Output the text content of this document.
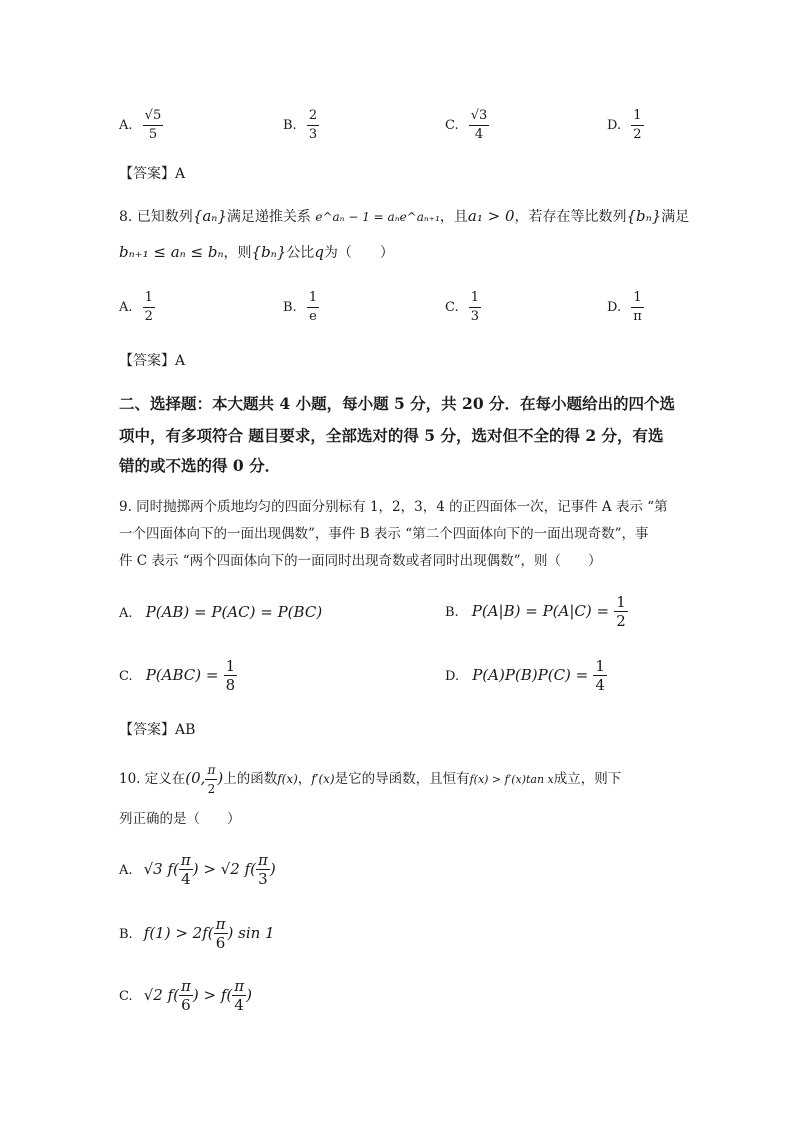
A. $\frac{√5}{5}$	B. $\frac{2}{3}$	C. $\frac{√3}{4}$	D. $\frac{1}{2}$
【答案】A
8. 已知数列{aₙ}满足递推关系 e^aₙ − 1 = aₙe^aₙ₊₁，且a₁ > 0，若存在等比数列{bₙ}满足
bₙ₊₁ ≤ aₙ ≤ bₙ，则{bₙ}公比q为（　　）
A. $\frac{1}{2}$	B. $\frac{1}{e}$	C. $\frac{1}{3}$	D. $\frac{1}{\pi}$
【答案】A
二、选择题：本大题共 4 小题，每小题 5 分，共 20 分．在每小题给出的四个选
项中，有多项符合 题目要求，全部选对的得 5 分，选对但不全的得 2 分，有选
错的或不选的得 0 分．
9. 同时抛掷两个质地均匀的四面分别标有 1，2，3，4 的正四面体一次，记事件 A 表示 “第
一个四面体向下的一面出现偶数”，事件 B 表示 “第二个四面体向下的一面出现奇数”，事
件 C 表示 “两个四面体向下的一面同时出现奇数或者同时出现偶数”，则（　　）
A. P(AB) = P(AC) = P(BC)	B. $P(A|B) = P(A|C) = \frac{1}{2}$
C. $P(ABC) = \frac{1}{8}$	D. $P(A)P(B)P(C) = \frac{1}{4}$
【答案】AB
10. 定义在(0, $\frac{\pi}{2}$ )上的函数f(x)，f′(x)是它的导函数，且恒有f(x) > f′(x)tan x成立，则下
列正确的是（　　）
A. √3 $f( \frac{\pi}{4}$ ) > √2 $f( \frac{\pi}{3}$ )
B. $f(1) > 2f( \frac{\pi}{6}$ ) sin 1
C. √2 $f( \frac{\pi}{6}$ ) > $f( \frac{\pi}{4}$ )
